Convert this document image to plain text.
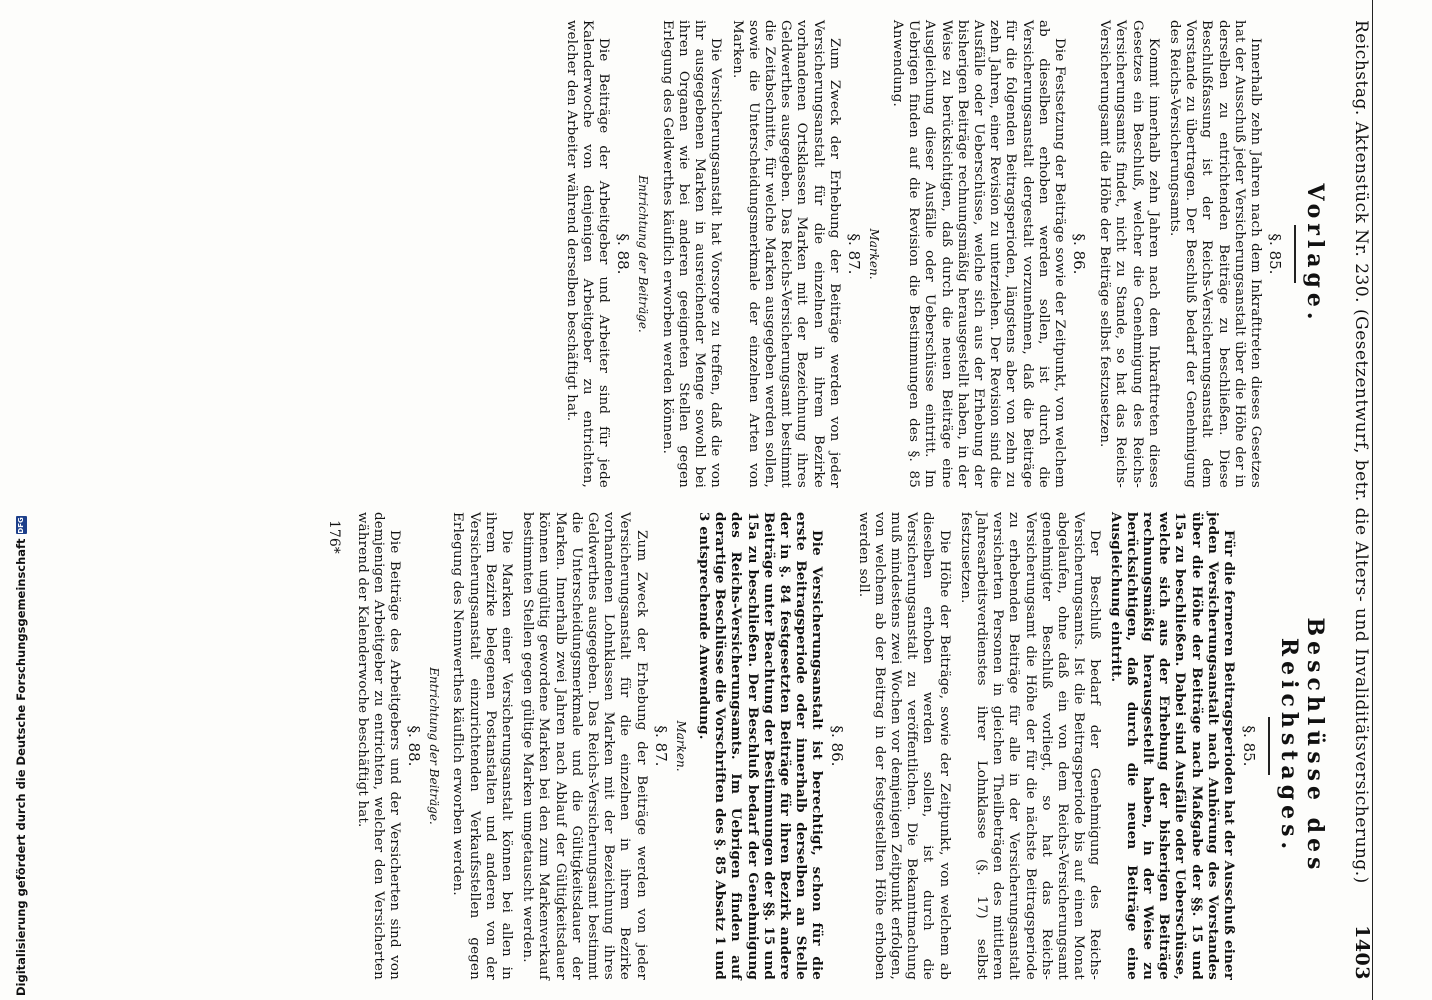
Reichstag. Aktenstück Nr. 230. (Gesetzentwurf, betr. die Alters- und Invaliditätsversicherung.)
1403
Vorlage.
§. 85.

Innerhalb zehn Jahren nach dem Inkrafttreten dieses Gesetzes hat der Ausschuß jeder Versicherungsanstalt über die Höhe der in derselben zu entrichtenden Beiträge zu beschließen. Diese Beschlußfassung ist der Reichs-Versicherungsanstalt dem Vorstande zu übertragen. Der Beschluß bedarf der Genehmigung des Reichs-Versicherungsamts.

Kommt innerhalb zehn Jahren nach dem Inkrafttreten dieses Gesetzes ein Beschluß, welcher die Genehmigung des Reichs-Versicherungsamts findet, nicht zu Stande, so hat das Reichs-Versicherungsamt die Höhe der Beiträge selbst festzusetzen.

§. 86.

Die Festsetzung der Beiträge sowie der Zeitpunkt, von welchem ab dieselben erhoben werden sollen, ist durch die Versicherungsanstalt dergestalt vorzunehmen, daß die Beiträge für die folgenden Beitragsperioden, längstens aber von zehn zu zehn Jahren, einer Revision zu unterziehen. Der Revision sind die Ausfälle oder Ueberschüsse, welche sich aus der Erhebung der bisherigen Beiträge rechnungsmäßig herausgestellt haben, in der Weise zu berücksichtigen, daß durch die neuen Beiträge eine Ausgleichung dieser Ausfälle oder Ueberschüsse eintritt. Im Uebrigen finden auf die Revision die Bestimmungen des §. 85 Anwendung.

Marken.
§. 87.

Zum Zweck der Erhebung der Beiträge werden von jeder Versicherungsanstalt für die einzelnen in ihrem Bezirke vorhandenen Ortsklassen Marken mit der Bezeichnung ihres Geldwerthes ausgegeben. Das Reichs-Versicherungsamt bestimmt die Zeitabschnitte, für welche Marken ausgegeben werden sollen, sowie die Unterscheidungsmerkmale der einzelnen Arten von Marken.

Die Versicherungsanstalt hat Vorsorge zu treffen, daß die von ihr ausgegebenen Marken in ausreichender Menge sowohl bei ihren Organen wie bei anderen geeigneten Stellen gegen Erlegung des Geldwerthes käuflich erworben werden können.

Entrichtung der Beiträge.
§. 88.

Die Beiträge der Arbeitgeber und Arbeiter sind für jede Kalenderwoche von denjenigen Arbeitgeber zu entrichten, welcher den Arbeiter während derselben beschäftigt hat.

Beschlüsse des Reichstages.
§. 85.

Für die ferneren Beitragsperioden hat der Ausschuß einer jeden Versicherungsanstalt nach Anhörung des Vorstandes über die Höhe der Beiträge nach Maßgabe der §§. 15 und 15a zu beschließen. Dabei sind Ausfälle oder Ueberschüsse, welche sich aus der Erhebung der bisherigen Beiträge rechnungsmäßig herausgestellt haben, in der Weise zu berücksichtigen, daß durch die neuen Beiträge eine Ausgleichung eintritt.

Der Beschluß bedarf der Genehmigung des Reichs-Versicherungsamts. Ist die Beitragsperiode bis auf einen Monat abgelaufen, ohne daß ein von dem Reichs-Versicherungsamt genehmigter Beschluß vorliegt, so hat das Reichs-Versicherungsamt die Höhe der für die nächste Beitragsperiode zu erhebenden Beiträge für alle in der Versicherungsanstalt versicherten Personen in gleichen Theilbeträgen des mittleren Jahresarbeitsverdienstes ihrer Lohnklasse (§. 17) selbst festzusetzen.

Die Höhe der Beiträge, sowie der Zeitpunkt, von welchem ab dieselben erhoben werden sollen, ist durch die Versicherungsanstalt zu veröffentlichen. Die Bekanntmachung muß mindestens zwei Wochen vor demjenigen Zeitpunkt erfolgen, von welchem ab der Beitrag in der festgestellten Höhe erhoben werden soll.

§. 86.

Die Versicherungsanstalt ist berechtigt, schon für die erste Beitragsperiode oder innerhalb derselben an Stelle der in §. 84 festgesetzten Beiträge für ihren Bezirk andere Beiträge unter Beachtung der Bestimmungen der §§. 15 und 15a zu beschließen. Der Beschluß bedarf der Genehmigung des Reichs-Versicherungsamts. Im Uebrigen finden auf derartige Beschlüsse die Vorschriften des §. 85 Absatz 1 und 3 entsprechende Anwendung.

Marken.
§. 87.

Zum Zweck der Erhebung der Beiträge werden von jeder Versicherungsanstalt für die einzelnen in ihrem Bezirke vorhandenen Lohnklassen Marken mit der Bezeichnung ihres Geldwerthes ausgegeben. Das Reichs-Versicherungsamt bestimmt die Unterscheidungsmerkmale und die Gültigkeitsdauer der Marken. Innerhalb zwei Jahren nach Ablauf der Gültigkeitsdauer können ungültig gewordene Marken bei den zum Markenverkauf bestimmten Stellen gegen gültige Marken umgetauscht werden.

Die Marken einer Versicherungsanstalt können bei allen in ihrem Bezirke belegenen Postanstalten und anderen von der Versicherungsanstalt einzurichtenden Verkaufsstellen gegen Erlegung des Nennwerthes käuflich erworben werden.

Entrichtung der Beiträge.
§. 88.

Die Beiträge des Arbeitgebers und der Versicherten sind von demjenigen Arbeitgeber zu entrichten, welcher den Versicherten während der Kalenderwoche beschäftigt hat.

176*
Digitalisierung gefördert durch die Deutsche Forschungsgemeinschaft
DFG
